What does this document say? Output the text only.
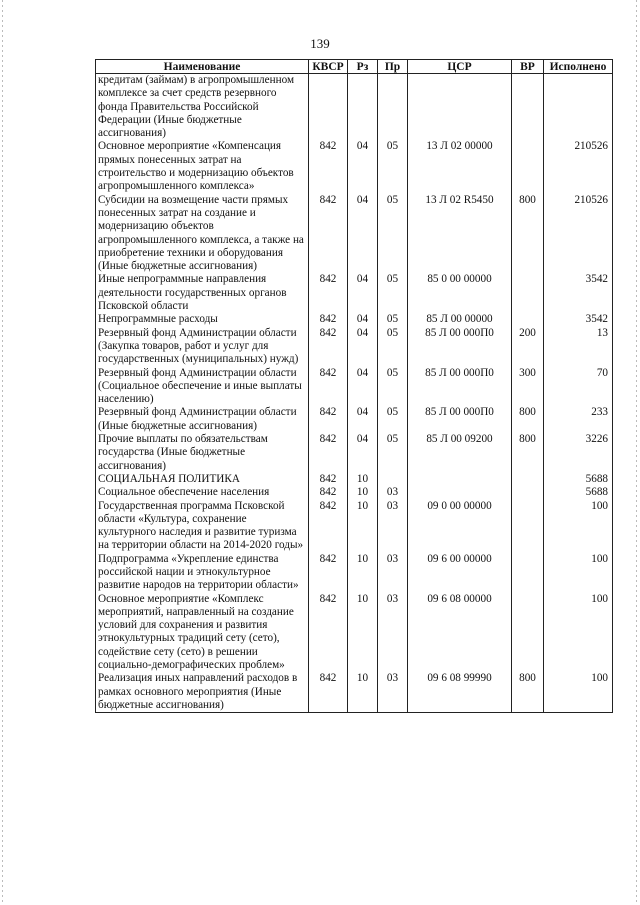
139
Наименование	КВСР	Рз	Пр	ЦСР	ВР	Исполнено
кредитам (займам) в агропромышленном комплексе за счет средств резервного фонда Правительства Российской Федерации (Иные бюджетные ассигнования)						
Основное мероприятие «Компенсация прямых понесенных затрат на строительство и модернизацию объектов агропромышленного комплекса»	842	04	05	13 Л 02 00000		210526
Субсидии на возмещение части прямых понесенных затрат на создание и модернизацию объектов агропромышленного комплекса, а также на приобретение техники и оборудования (Иные бюджетные ассигнования)	842	04	05	13 Л 02 R5450	800	210526
Иные непрограммные направления деятельности государственных органов Псковской области	842	04	05	85 0 00 00000		3542
Непрограммные расходы	842	04	05	85 Л 00 00000		3542
Резервный фонд Администрации области (Закупка товаров, работ и услуг для государственных (муниципальных) нужд)	842	04	05	85 Л 00 000П0	200	13
Резервный фонд Администрации области (Социальное обеспечение и иные выплаты населению)	842	04	05	85 Л 00 000П0	300	70
Резервный фонд Администрации области (Иные бюджетные ассигнования)	842	04	05	85 Л 00 000П0	800	233
Прочие выплаты по обязательствам государства (Иные бюджетные ассигнования)	842	04	05	85 Л 00 09200	800	3226
СОЦИАЛЬНАЯ ПОЛИТИКА	842	10				5688
Социальное обеспечение населения	842	10	03			5688
Государственная программа Псковской области «Культура, сохранение культурного наследия и развитие туризма на территории области на 2014-2020 годы»	842	10	03	09 0 00 00000		100
Подпрограмма «Укрепление единства российской нации и этнокультурное развитие народов на территории области»	842	10	03	09 6 00 00000		100
Основное мероприятие «Комплекс мероприятий, направленный на создание условий для сохранения и развития этнокультурных традиций сету (сето), содействие сету (сето) в решении социально-демографических проблем»	842	10	03	09 6 08 00000		100
Реализация иных направлений расходов в рамках основного мероприятия (Иные бюджетные ассигнования)	842	10	03	09 6 08 99990	800	100
